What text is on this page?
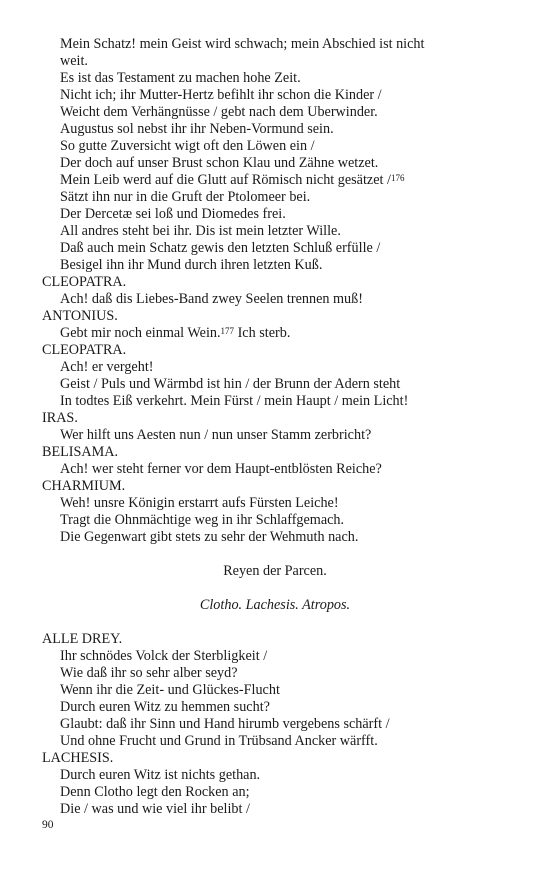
Mein Schatz! mein Geist wird schwach; mein Abschied ist nicht
weit.
Es ist das Testament zu machen hohe Zeit.
Nicht ich; ihr Mutter-Hertz befihlt ihr schon die Kinder /
Weicht dem Verhängnüsse / gebt nach dem Uberwinder.
Augustus sol nebst ihr ihr Neben-Vormund sein.
So gutte Zuversicht wigt oft den Löwen ein /
Der doch auf unser Brust schon Klau und Zähne wetzet.
Mein Leib werd auf die Glutt auf Römisch nicht gesätzet /$^{176}$
Sätzt ihn nur in die Gruft der Ptolomeer bei.
Der Dercetæ sei loß und Diomedes frei.
All andres steht bei ihr. Dis ist mein letzter Wille.
Daß auch mein Schatz gewis den letzten Schluß erfülle /
Besigel ihn ihr Mund durch ihren letzten Kuß.
CLEOPATRA.
Ach! daß dis Liebes-Band zwey Seelen trennen muß!
ANTONIUS.
Gebt mir noch einmal Wein.$^{177}$ Ich sterb.
CLEOPATRA.
Ach! er vergeht!
Geist / Puls und Wärmbd ist hin / der Brunn der Adern steht
In todtes Eiß verkehrt. Mein Fürst / mein Haupt / mein Licht!
IRAS.
Wer hilft uns Aesten nun / nun unser Stamm zerbricht?
BELISAMA.
Ach! wer steht ferner vor dem Haupt-entblösten Reiche?
CHARMIUM.
Weh! unsre Königin erstarrt aufs Fürsten Leiche!
Tragt die Ohnmächtige weg in ihr Schlaffgemach.
Die Gegenwart gibt stets zu sehr der Wehmuth nach.
Reyen der Parcen.
Clotho. Lachesis. Atropos.
ALLE DREY.
Ihr schnödes Volck der Sterbligkeit /
Wie daß ihr so sehr alber seyd?
Wenn ihr die Zeit- und Glückes-Flucht
Durch euren Witz zu hemmen sucht?
Glaubt: daß ihr Sinn und Hand hirumb vergebens schärft /
Und ohne Frucht und Grund in Trübsand Ancker wärfft.
LACHESIS.
Durch euren Witz ist nichts gethan.
Denn Clotho legt den Rocken an;
Die / was und wie viel ihr belibt /
90
